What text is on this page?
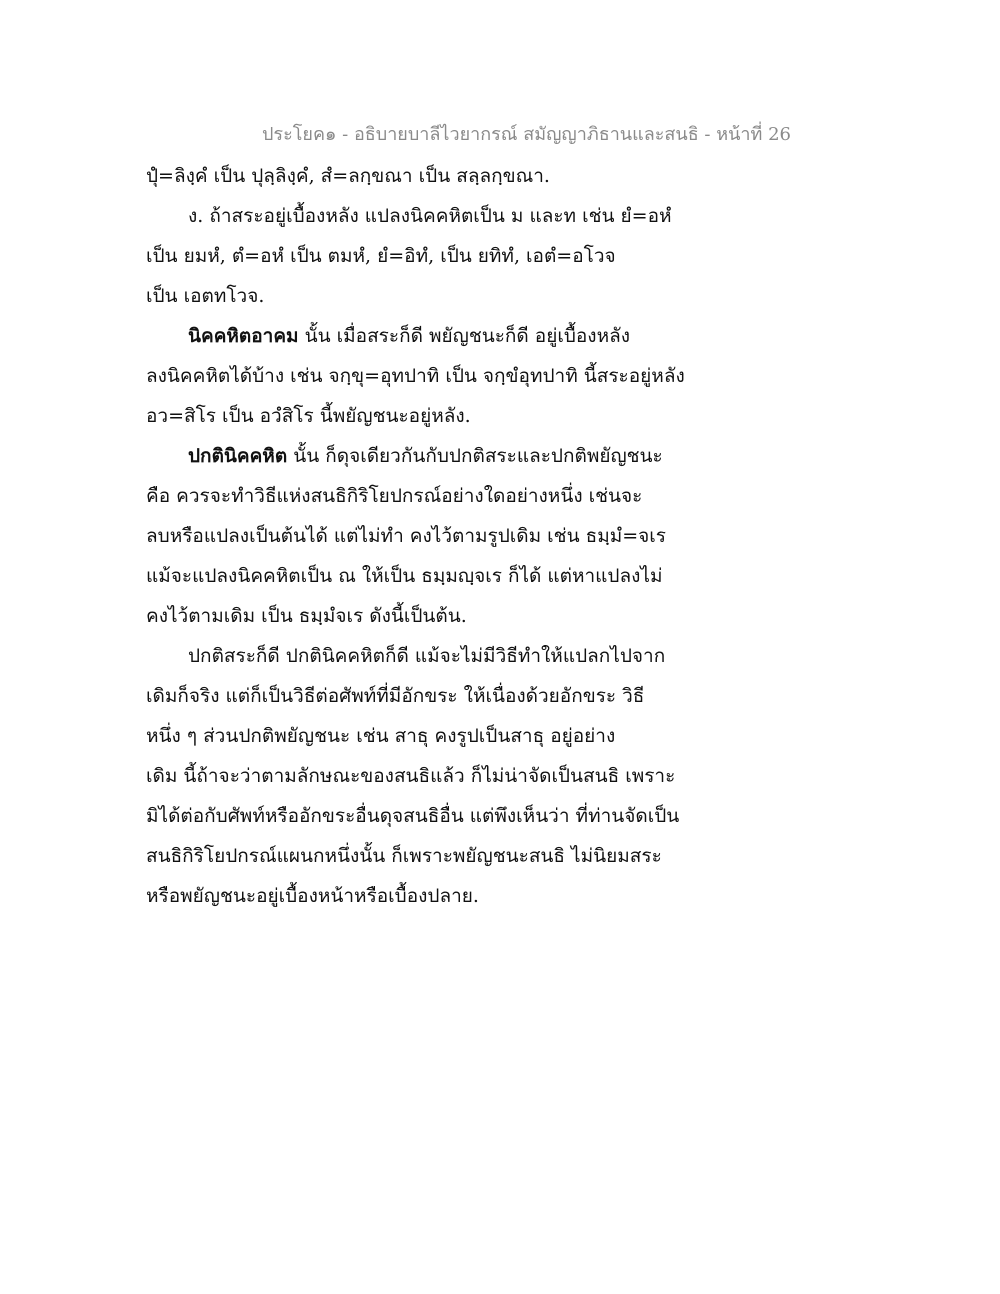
ประโยค๑ - อธิบายบาลีไวยากรณ์ สมัญญาภิธานและสนธิ - หน้าที่ 26
ปุํ=ลิงฺคํ เป็น ปุลฺลิงฺคํ, สํ=ลกฺขณา เป็น สลฺลกฺขณา.
ง. ถ้าสระอยู่เบื้องหลัง แปลงนิคคหิตเป็น ม และท เช่น ยํ=อหํ
เป็น ยมหํ, ตํ=อหํ เป็น ตมหํ, ยํ=อิทํ, เป็น ยทิทํ, เอตํ=อโวจ
เป็น เอตทโวจ.
นิคคหิตอาคม นั้น เมื่อสระก็ดี พยัญชนะก็ดี อยู่เบื้องหลัง
ลงนิคคหิตได้บ้าง เช่น จกฺขุ=อุทปาทิ เป็น จกฺขํอุทปาทิ นี้สระอยู่หลัง
อว=สิโร เป็น อวํสิโร นี้พยัญชนะอยู่หลัง.
ปกตินิคคหิต นั้น ก็ดุจเดียวกันกับปกติสระและปกติพยัญชนะ
คือ ควรจะทำวิธีแห่งสนธิกิริโยปกรณ์อย่างใดอย่างหนึ่ง เช่นจะ
ลบหรือแปลงเป็นต้นได้ แต่ไม่ทำ คงไว้ตามรูปเดิม เช่น ธมฺมํ=จเร
แม้จะแปลงนิคคหิตเป็น ณ ให้เป็น ธมฺมญฺจเร ก็ได้ แต่หาแปลงไม่
คงไว้ตามเดิม เป็น ธมฺมํจเร ดังนี้เป็นต้น.
ปกติสระก็ดี ปกตินิคคหิตก็ดี แม้จะไม่มีวิธีทำให้แปลกไปจาก
เดิมก็จริง แต่ก็เป็นวิธีต่อศัพท์ที่มีอักขระ ให้เนื่องด้วยอักขระ วิธี
หนึ่ง ๆ ส่วนปกติพยัญชนะ เช่น สาธุ คงรูปเป็นสาธุ อยู่อย่าง
เดิม นี้ถ้าจะว่าตามลักษณะของสนธิแล้ว ก็ไม่น่าจัดเป็นสนธิ เพราะ
มิได้ต่อกับศัพท์หรืออักขระอื่นดุจสนธิอื่น แต่พึงเห็นว่า ที่ท่านจัดเป็น
สนธิกิริโยปกรณ์แผนกหนึ่งนั้น ก็เพราะพยัญชนะสนธิ ไม่นิยมสระ
หรือพยัญชนะอยู่เบื้องหน้าหรือเบื้องปลาย.
